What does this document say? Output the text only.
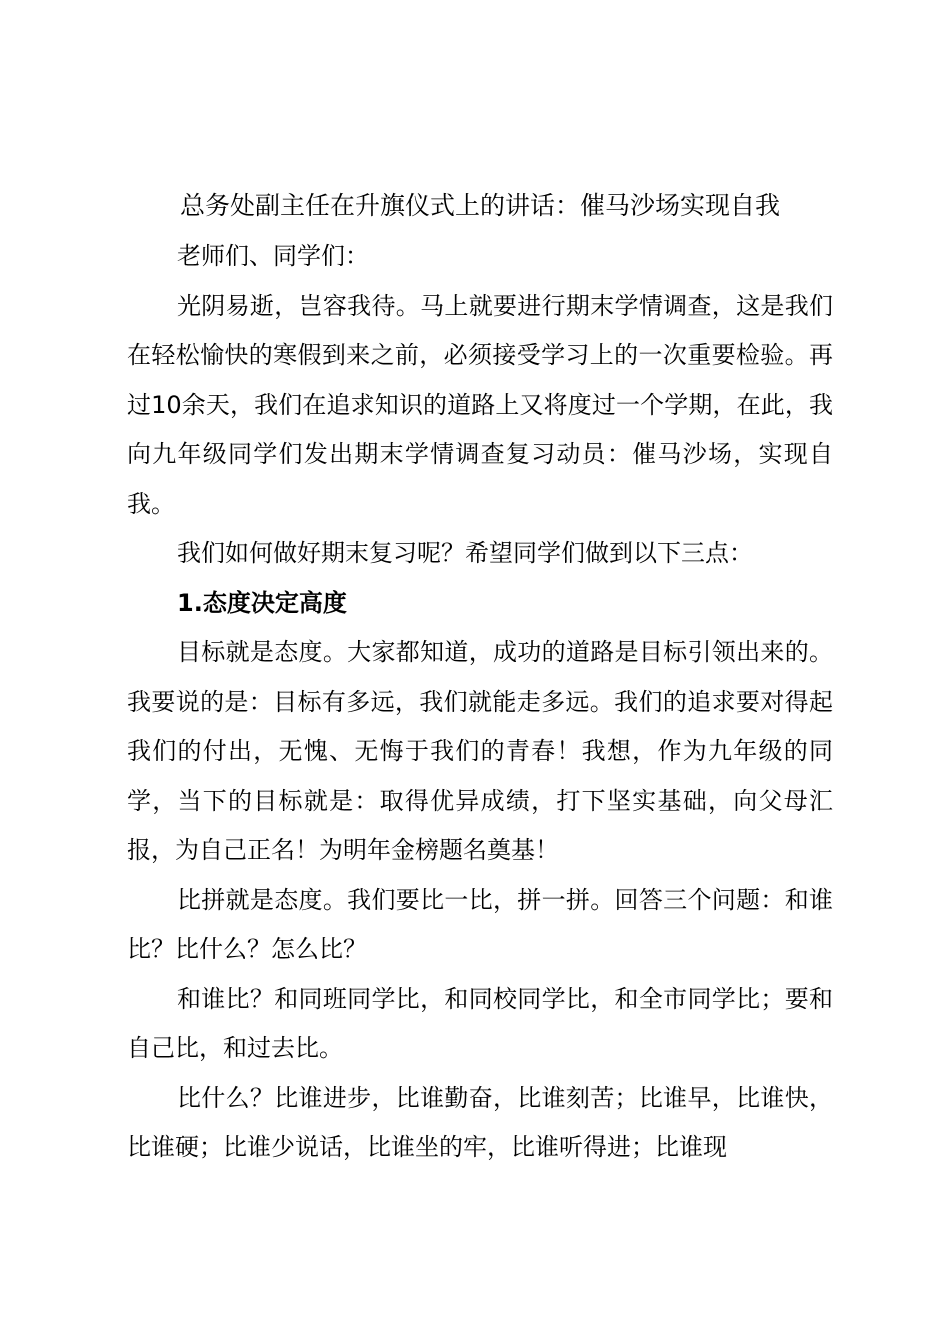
总务处副主任在升旗仪式上的讲话：催马沙场实现自我

老师们、同学们：

光阴易逝，岂容我待。马上就要进行期末学情调查，这是我们在轻松愉快的寒假到来之前，必须接受学习上的一次重要检验。再过10余天，我们在追求知识的道路上又将度过一个学期，在此，我向九年级同学们发出期末学情调查复习动员：催马沙场，实现自我。

我们如何做好期末复习呢？希望同学们做到以下三点：

1.态度决定高度

目标就是态度。大家都知道，成功的道路是目标引领出来的。我要说的是：目标有多远，我们就能走多远。我们的追求要对得起我们的付出，无愧、无悔于我们的青春！我想，作为九年级的同学，当下的目标就是：取得优异成绩，打下坚实基础，向父母汇报，为自己正名！为明年金榜题名奠基！

比拼就是态度。我们要比一比，拼一拼。回答三个问题：和谁比？比什么？怎么比？

和谁比？和同班同学比，和同校同学比，和全市同学比；要和自己比，和过去比。

比什么？比谁进步，比谁勤奋，比谁刻苦；比谁早，比谁快，比谁硬；比谁少说话，比谁坐的牢，比谁听得进；比谁现
